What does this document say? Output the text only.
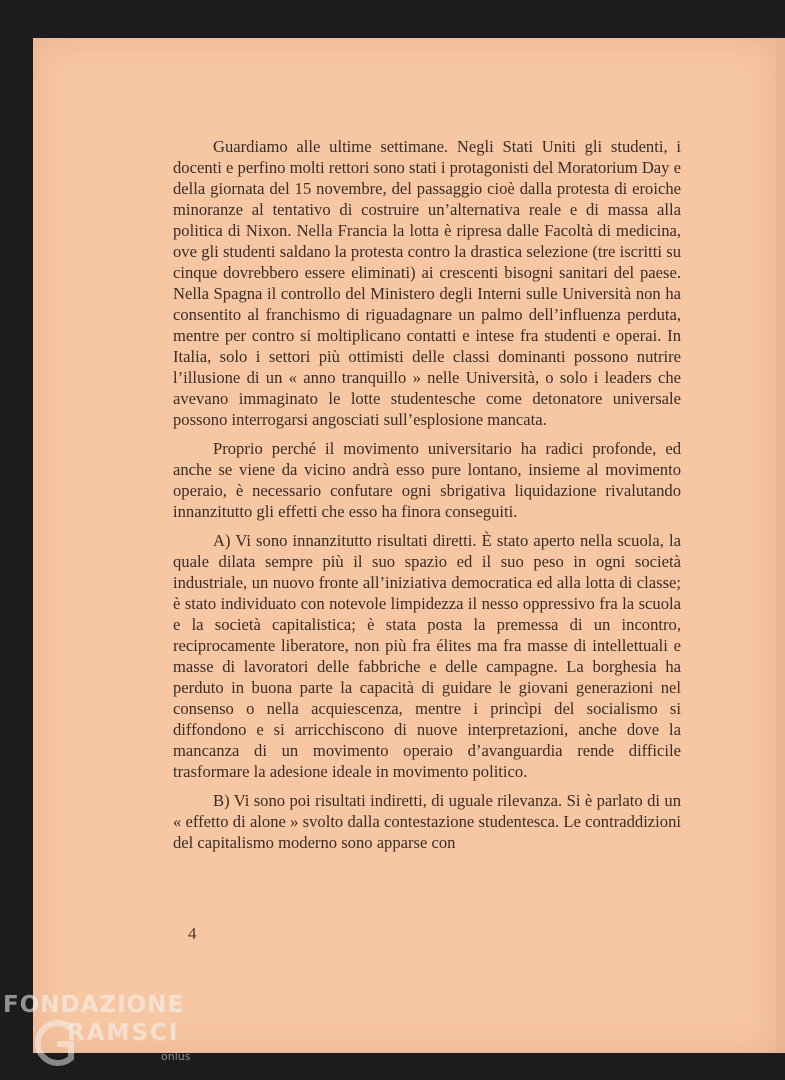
Guardiamo alle ultime settimane. Negli Stati Uniti gli studenti, i docenti e perfino molti rettori sono stati i protagonisti del Moratorium Day e della giornata del 15 novembre, del passaggio cioè dalla protesta di eroiche minoranze al tentativo di costruire un’alternativa reale e di massa alla politica di Nixon. Nella Francia la lotta è ripresa dalle Facoltà di medicina, ove gli studenti saldano la protesta contro la drastica selezione (tre iscritti su cinque dovrebbero essere eliminati) ai crescenti bisogni sanitari del paese. Nella Spagna il controllo del Ministero degli Interni sulle Università non ha consentito al franchismo di riguadagnare un palmo dell’influenza perduta, mentre per contro si moltiplicano contatti e intese fra studenti e operai. In Italia, solo i settori più ottimisti delle classi dominanti possono nutrire l’illusione di un « anno tranquillo » nelle Università, o solo i leaders che avevano immaginato le lotte studentesche come detonatore universale possono interrogarsi angosciati sull’esplosione mancata.

Proprio perché il movimento universitario ha radici profonde, ed anche se viene da vicino andrà esso pure lontano, insieme al movimento operaio, è necessario confutare ogni sbrigativa liquidazione rivalutando innanzitutto gli effetti che esso ha finora conseguiti.

A) Vi sono innanzitutto risultati diretti. È stato aperto nella scuola, la quale dilata sempre più il suo spazio ed il suo peso in ogni società industriale, un nuovo fronte all’iniziativa democratica ed alla lotta di classe; è stato individuato con notevole limpidezza il nesso oppressivo fra la scuola e la società capitalistica; è stata posta la premessa di un incontro, reciprocamente liberatore, non più fra élites ma fra masse di intellettuali e masse di lavoratori delle fabbriche e delle campagne. La borghesia ha perduto in buona parte la capacità di guidare le giovani generazioni nel consenso o nella acquiescenza, mentre i princìpi del socialismo si diffondono e si arricchiscono di nuove interpretazioni, anche dove la mancanza di un movimento operaio d’avanguardia rende difficile trasformare la adesione ideale in movimento politico.

B) Vi sono poi risultati indiretti, di uguale rilevanza. Si è parlato di un « effetto di alone » svolto dalla contestazione studentesca. Le contraddizioni del capitalismo moderno sono apparse con

4
FONDAZIONE
RAMSCI
onlus
